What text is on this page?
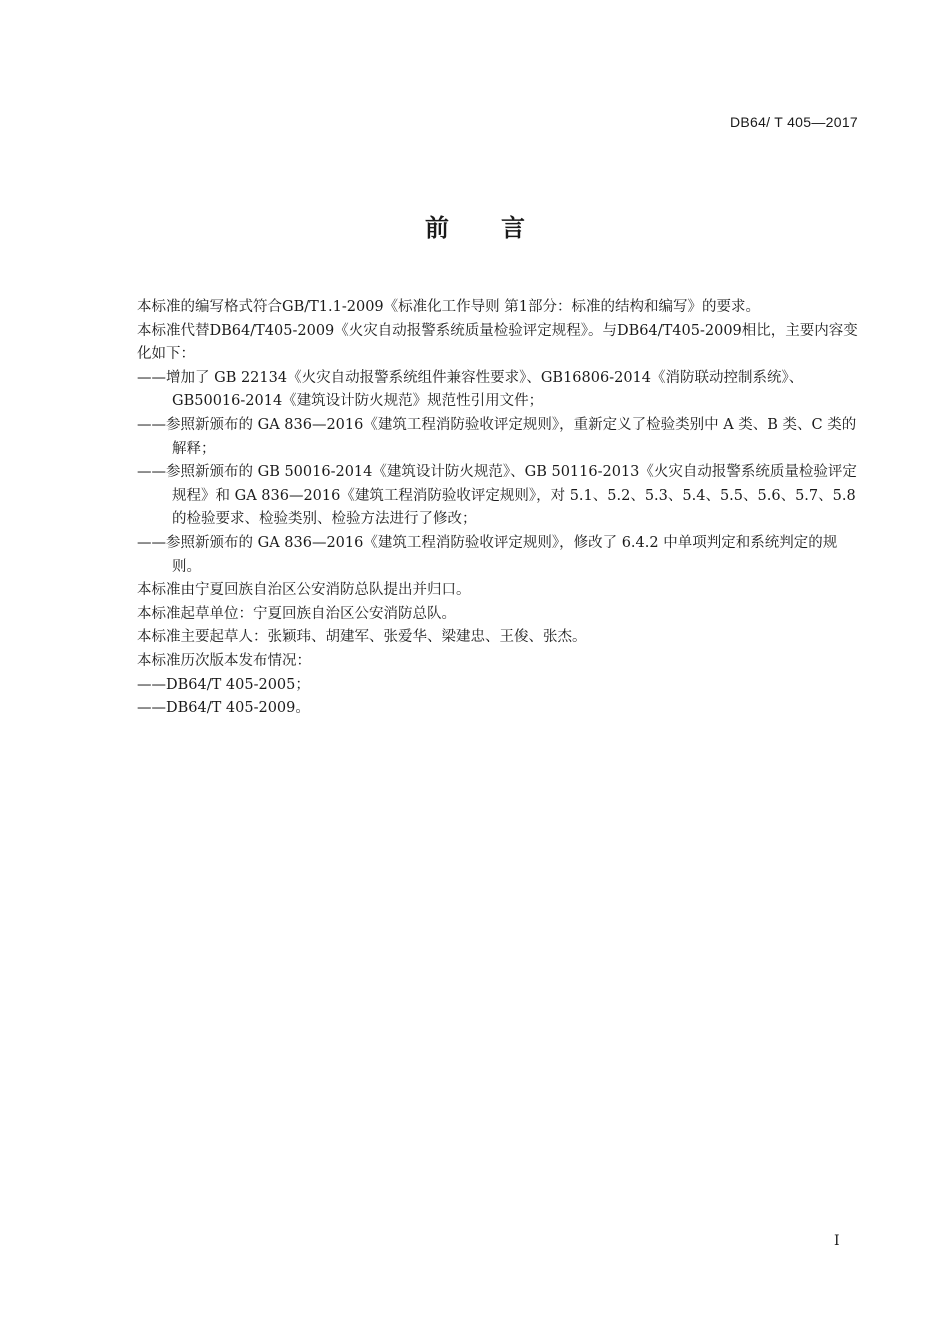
DB64/ T 405—2017
前言

本标准的编写格式符合GB/T1.1-2009《标准化工作导则 第1部分：标准的结构和编写》的要求。

本标准代替DB64/T405-2009《火灾自动报警系统质量检验评定规程》。与DB64/T405-2009相比，主要内容变化如下：

——增加了 GB 22134《火灾自动报警系统组件兼容性要求》、GB16806-2014《消防联动控制系统》、GB50016-2014《建筑设计防火规范》规范性引用文件；

——参照新颁布的 GA 836—2016《建筑工程消防验收评定规则》，重新定义了检验类别中 A 类、B 类、C 类的解释；

——参照新颁布的 GB 50016-2014《建筑设计防火规范》、GB 50116-2013《火灾自动报警系统质量检验评定规程》和 GA 836—2016《建筑工程消防验收评定规则》，对 5.1、5.2、5.3、5.4、5.5、5.6、5.7、5.8 的检验要求、检验类别、检验方法进行了修改；

——参照新颁布的 GA 836—2016《建筑工程消防验收评定规则》，修改了 6.4.2 中单项判定和系统判定的规则。

本标准由宁夏回族自治区公安消防总队提出并归口。

本标准起草单位：宁夏回族自治区公安消防总队。

本标准主要起草人：张颖玮、胡建军、张爱华、梁建忠、王俊、张杰。

本标准历次版本发布情况：

——DB64/T 405-2005；

——DB64/T 405-2009。

I
